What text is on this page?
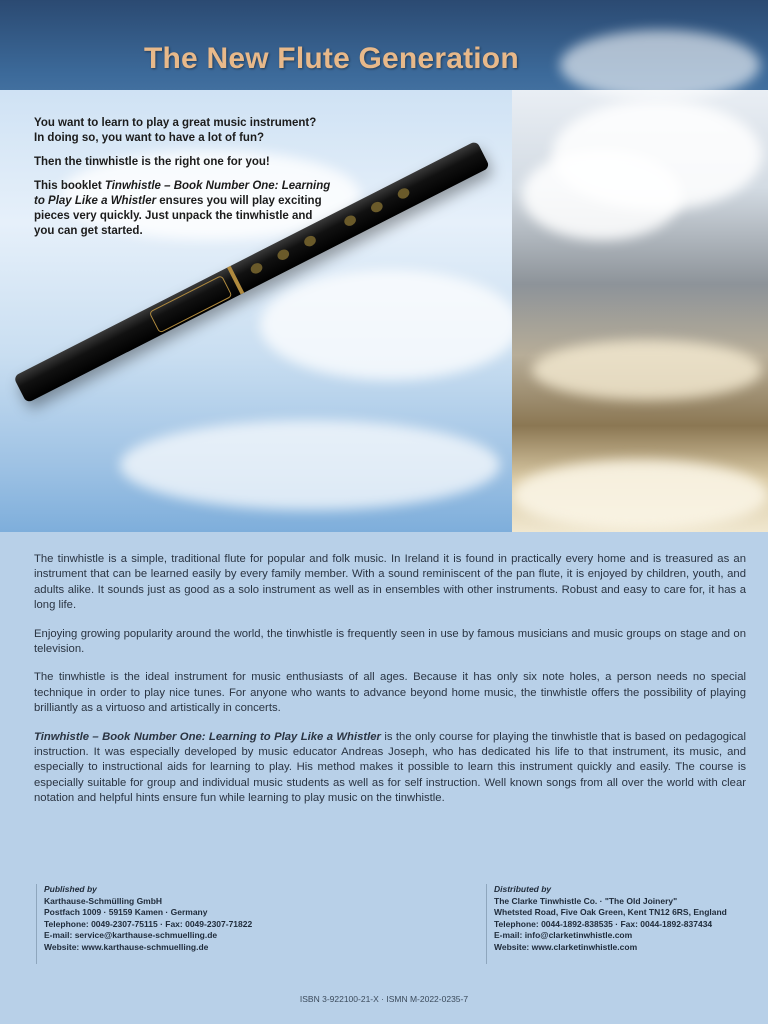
The New Flute Generation

You want to learn to play a great music instrument?
In doing so, you want to have a lot of fun?

Then the tinwhistle is the right one for you!

This booklet Tinwhistle – Book Number One: Learning to Play Like a Whistler ensures you will play exciting pieces very quickly. Just unpack the tinwhistle and you can get started.

The tinwhistle is a simple, traditional flute for popular and folk music. In Ireland it is found in practically every home and is treasured as an instrument that can be learned easily by every family member. With a sound reminiscent of the pan flute, it is enjoyed by children, youth, and adults alike. It sounds just as good as a solo instrument as well as in ensembles with other instruments. Robust and easy to care for, it has a long life.

Enjoying growing popularity around the world, the tinwhistle is frequently seen in use by famous musicians and music groups on stage and on television.

The tinwhistle is the ideal instrument for music enthusiasts of all ages. Because it has only six note holes, a person needs no special technique in order to play nice tunes. For anyone who wants to advance beyond home music, the tinwhistle offers the possibility of playing brilliantly as a virtuoso and artistically in concerts.

Tinwhistle – Book Number One: Learning to Play Like a Whistler is the only course for playing the tinwhistle that is based on pedagogical instruction. It was especially developed by music educator Andreas Joseph, who has dedicated his life to that instrument, its music, and especially to instructional aids for learning to play. His method makes it possible to learn this instrument quickly and easily. The course is especially suitable for group and individual music students as well as for self instruction. Well known songs from all over the world with clear notation and helpful hints ensure fun while learning to play music on the tinwhistle.

Published by
Karthause-Schmülling GmbH
Postfach 1009 · 59159 Kamen · Germany
Telephone: 0049-2307-75115 · Fax: 0049-2307-71822
E-mail: service@karthause-schmuelling.de
Website: www.karthause-schmuelling.de
Distributed by
The Clarke Tinwhistle Co. · "The Old Joinery"
Whetsted Road, Five Oak Green, Kent TN12 6RS, England
Telephone: 0044-1892-838535 · Fax: 0044-1892-837434
E-mail: info@clarketinwhistle.com
Website: www.clarketinwhistle.com
ISBN 3-922100-21-X · ISMN M-2022-0235-7
